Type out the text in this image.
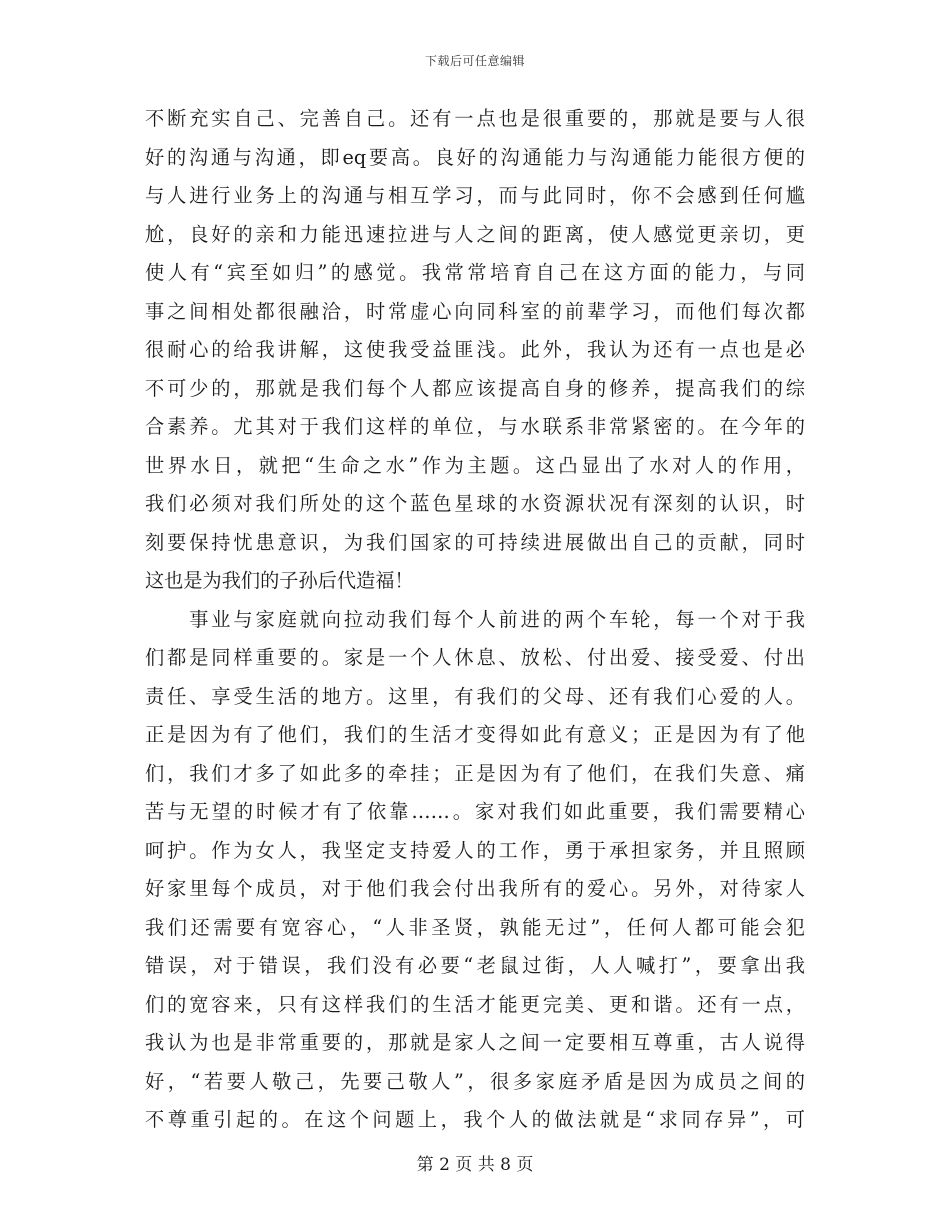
下载后可任意编辑
不断充实自己、完善自己。还有一点也是很重要的，那就是要与人很
好的沟通与沟通，即eq要高。良好的沟通能力与沟通能力能很方便的
与人进行业务上的沟通与相互学习，而与此同时，你不会感到任何尴
尬，良好的亲和力能迅速拉进与人之间的距离，使人感觉更亲切，更
使人有“宾至如归”的感觉。我常常培育自己在这方面的能力，与同
事之间相处都很融洽，时常虚心向同科室的前辈学习，而他们每次都
很耐心的给我讲解，这使我受益匪浅。此外，我认为还有一点也是必
不可少的，那就是我们每个人都应该提高自身的修养，提高我们的综
合素养。尤其对于我们这样的单位，与水联系非常紧密的。在今年的
世界水日，就把“生命之水”作为主题。这凸显出了水对人的作用，
我们必须对我们所处的这个蓝色星球的水资源状况有深刻的认识，时
刻要保持忧患意识，为我们国家的可持续进展做出自己的贡献，同时
这也是为我们的子孙后代造福！
　　事业与家庭就向拉动我们每个人前进的两个车轮，每一个对于我
们都是同样重要的。家是一个人休息、放松、付出爱、接受爱、付出
责任、享受生活的地方。这里，有我们的父母、还有我们心爱的人。
正是因为有了他们，我们的生活才变得如此有意义；正是因为有了他
们，我们才多了如此多的牵挂；正是因为有了他们，在我们失意、痛
苦与无望的时候才有了依靠……。家对我们如此重要，我们需要精心
呵护。作为女人，我坚定支持爱人的工作，勇于承担家务，并且照顾
好家里每个成员，对于他们我会付出我所有的爱心。另外，对待家人
我们还需要有宽容心，“人非圣贤，孰能无过”，任何人都可能会犯
错误，对于错误，我们没有必要“老鼠过街，人人喊打”，要拿出我
们的宽容来，只有这样我们的生活才能更完美、更和谐。还有一点，
我认为也是非常重要的，那就是家人之间一定要相互尊重，古人说得
好，“若要人敬己，先要己敬人”，很多家庭矛盾是因为成员之间的
不尊重引起的。在这个问题上，我个人的做法就是“求同存异”，可
第 2 页 共 8 页
